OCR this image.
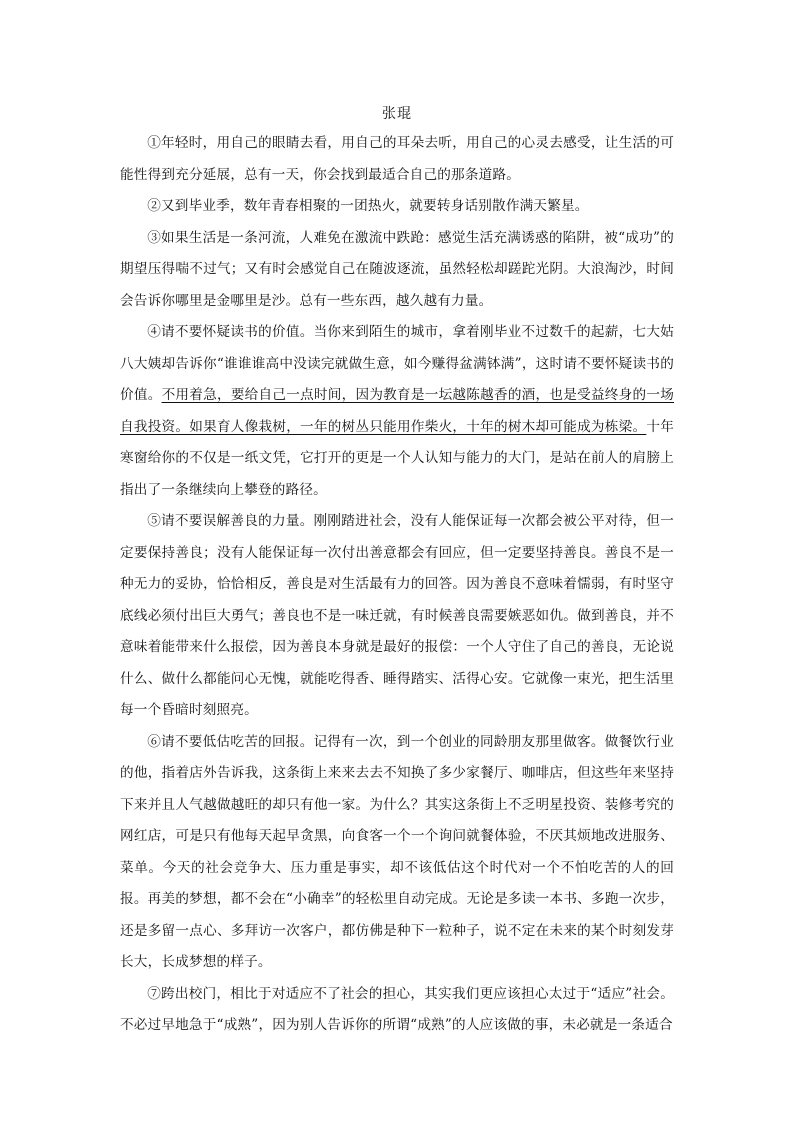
张琨

①年轻时，用自己的眼睛去看，用自己的耳朵去听，用自己的心灵去感受，让生活的可能性得到充分延展，总有一天，你会找到最适合自己的那条道路。

②又到毕业季，数年青春相聚的一团热火，就要转身话别散作满天繁星。

③如果生活是一条河流，人难免在激流中跌跄：感觉生活充满诱惑的陷阱，被“成功”的期望压得喘不过气；又有时会感觉自己在随波逐流，虽然轻松却蹉跎光阴。大浪淘沙，时间会告诉你哪里是金哪里是沙。总有一些东西，越久越有力量。

④请不要怀疑读书的价值。当你来到陌生的城市，拿着刚毕业不过数千的起薪，七大姑八大姨却告诉你“谁谁谁高中没读完就做生意，如今赚得盆满钵满”，这时请不要怀疑读书的价值。不用着急，要给自己一点时间，因为教育是一坛越陈越香的酒，也是受益终身的一场自我投资。如果育人像栽树，一年的树丛只能用作柴火，十年的树木却可能成为栋梁。十年寒窗给你的不仅是一纸文凭，它打开的更是一个人认知与能力的大门，是站在前人的肩膀上指出了一条继续向上攀登的路径。

⑤请不要误解善良的力量。刚刚踏进社会，没有人能保证每一次都会被公平对待，但一定要保持善良；没有人能保证每一次付出善意都会有回应，但一定要坚持善良。善良不是一种无力的妥协，恰恰相反，善良是对生活最有力的回答。因为善良不意味着懦弱，有时坚守底线必须付出巨大勇气；善良也不是一味迁就，有时候善良需要嫉恶如仇。做到善良，并不意味着能带来什么报偿，因为善良本身就是最好的报偿：一个人守住了自己的善良，无论说什么、做什么都能问心无愧，就能吃得香、睡得踏实、活得心安。它就像一束光，把生活里每一个昏暗时刻照亮。

⑥请不要低估吃苦的回报。记得有一次，到一个创业的同龄朋友那里做客。做餐饮行业的他，指着店外告诉我，这条街上来来去去不知换了多少家餐厅、咖啡店，但这些年来坚持下来并且人气越做越旺的却只有他一家。为什么？其实这条街上不乏明星投资、装修考究的网红店，可是只有他每天起早贪黑，向食客一个一个询问就餐体验，不厌其烦地改进服务、菜单。今天的社会竞争大、压力重是事实，却不该低估这个时代对一个不怕吃苦的人的回报。再美的梦想，都不会在“小确幸”的轻松里自动完成。无论是多读一本书、多跑一次步，还是多留一点心、多拜访一次客户，都仿佛是种下一粒种子，说不定在未来的某个时刻发芽长大，长成梦想的样子。

⑦跨出校门，相比于对适应不了社会的担心，其实我们更应该担心太过于“适应”社会。不必过早地急于“成熟”，因为别人告诉你的所谓“成熟”的人应该做的事，未必就是一条适合
